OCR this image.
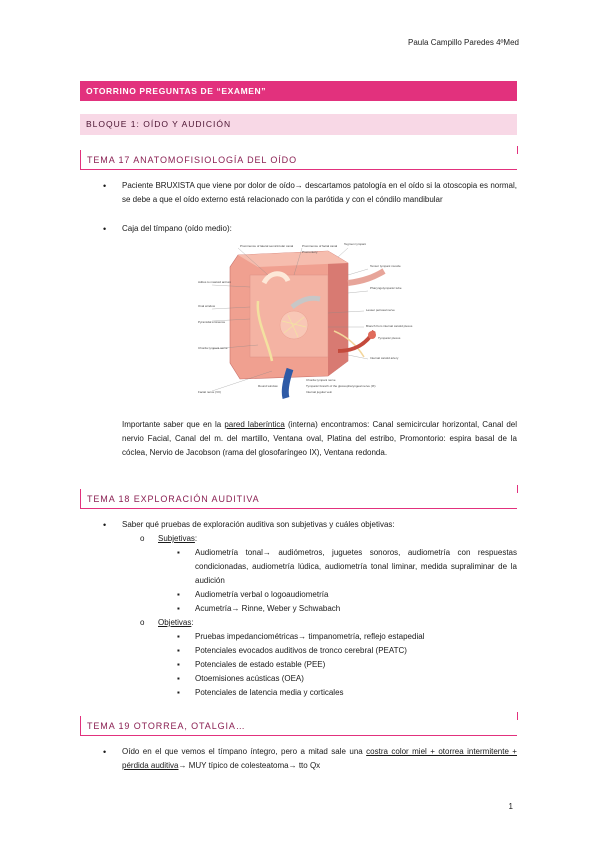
Paula Campillo Paredes 4ºMed
OTORRINO PREGUNTAS DE “EXAMEN”
BLOQUE 1: OÍDO Y AUDICIÓN
TEMA 17 ANATOMOFISIOLOGÍA DEL OÍDO
• Paciente BRUXISTA que viene por dolor de oído→ descartamos patología en el oído si la otoscopia es normal, se debe a que el oído externo está relacionado con la parótida y con el cóndilo mandibular
• Caja del tímpano (oído medio):
Prominence of lateral semicircular canal	Prominence of facial canal Tegmen tympani
Aditus to mastoid antrum
Pyramidal eminence
Oval window
Chorda tympani nerve
Facial nerve (VII)
Round window
Promontory
Tensor tympani muscle
Pharyngotympanic tube
Lesser petrosal nerve
Branch from internal carotid plexus
Tympanic plexus
Internal carotid artery
Chorda tympani nerve
Tympanic branch of the glossopharyngeal nerve (IX)
Internal jugular vein
Importante saber que en la pared laberíntica (interna) encontramos: Canal semicircular horizontal, Canal del nervio Facial, Canal del m. del martillo, Ventana oval, Platina del estribo, Promontorio: espira basal de la cóclea, Nervio de Jacobson (rama del glosofaríngeo IX), Ventana redonda.
TEMA 18 EXPLORACIÓN AUDITIVA
• Saber qué pruebas de exploración auditiva son subjetivas y cuáles objetivas:
o Subjetivas:
▪ Audiometría tonal→ audiómetros, juguetes sonoros, audiometría con respuestas condicionadas, audiometría lúdica, audiometría tonal liminar, medida supraliminar de la audición
▪ Audiometría verbal o logoaudiometría
▪ Acumetría→ Rinne, Weber y Schwabach
o Objetivas:
▪ Pruebas impedanciométricas→ timpanometría, reflejo estapedial
▪ Potenciales evocados auditivos de tronco cerebral (PEATC)
▪ Potenciales de estado estable (PEE)
▪ Otoemisiones acústicas (OEA)
▪ Potenciales de latencia media y corticales
TEMA 19 OTORREA, OTALGIA…
• Oído en el que vemos el tímpano íntegro, pero a mitad sale una costra color miel + otorrea intermitente + pérdida auditiva→ MUY típico de colesteatoma→ tto Qx
1
